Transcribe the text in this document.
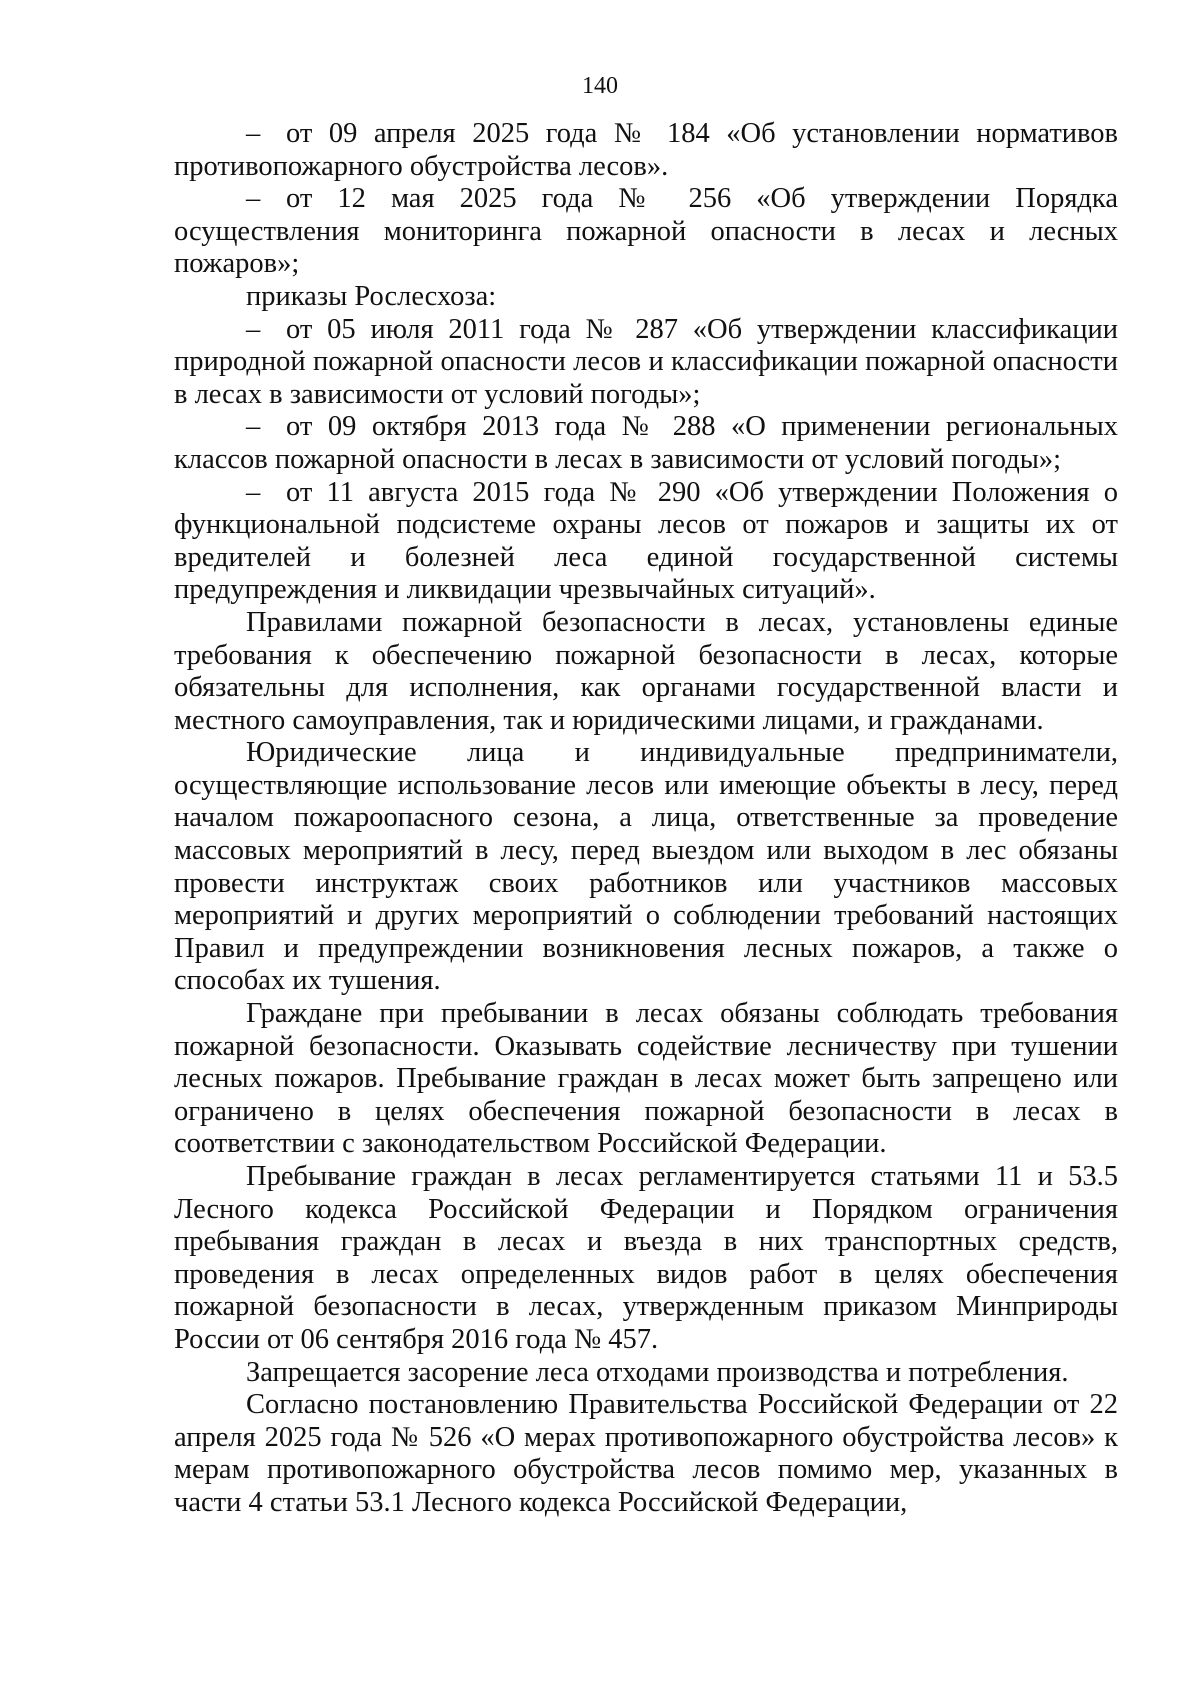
140

– от 09 апреля 2025 года № 184 «Об установлении нормативов противопожарного обустройства лесов».

– от 12 мая 2025 года № 256 «Об утверждении Порядка осуществления мониторинга пожарной опасности в лесах и лесных пожаров»;

приказы Рослесхоза:

– от 05 июля 2011 года № 287 «Об утверждении классификации природной пожарной опасности лесов и классификации пожарной опасности в лесах в зависимости от условий погоды»;

– от 09 октября 2013 года № 288 «О применении региональных классов пожарной опасности в лесах в зависимости от условий погоды»;

– от 11 августа 2015 года № 290 «Об утверждении Положения о функциональной подсистеме охраны лесов от пожаров и защиты их от вредителей и болезней леса единой государственной системы предупреждения и ликвидации чрезвычайных ситуаций».

Правилами пожарной безопасности в лесах, установлены единые требования к обеспечению пожарной безопасности в лесах, которые обязательны для исполнения, как органами государственной власти и местного самоуправления, так и юридическими лицами, и гражданами.

Юридические лица и индивидуальные предприниматели, осуществляющие использование лесов или имеющие объекты в лесу, перед началом пожароопасного сезона, а лица, ответственные за проведение массовых мероприятий в лесу, перед выездом или выходом в лес обязаны провести инструктаж своих работников или участников массовых мероприятий и других мероприятий о соблюдении требований настоящих Правил и предупреждении возникновения лесных пожаров, а также о способах их тушения.

Граждане при пребывании в лесах обязаны соблюдать требования пожарной безопасности. Оказывать содействие лесничеству при тушении лесных пожаров. Пребывание граждан в лесах может быть запрещено или ограничено в целях обеспечения пожарной безопасности в лесах в соответствии с законодательством Российской Федерации.

Пребывание граждан в лесах регламентируется статьями 11 и 53.5 Лесного кодекса Российской Федерации и Порядком ограничения пребывания граждан в лесах и въезда в них транспортных средств, проведения в лесах определенных видов работ в целях обеспечения пожарной безопасности в лесах, утвержденным приказом Минприроды России от 06 сентября 2016 года № 457.

Запрещается засорение леса отходами производства и потребления.

Согласно постановлению Правительства Российской Федерации от 22 апреля 2025 года № 526 «О мерах противопожарного обустройства лесов» к мерам противопожарного обустройства лесов помимо мер, указанных в части 4 статьи 53.1 Лесного кодекса Российской Федерации,
